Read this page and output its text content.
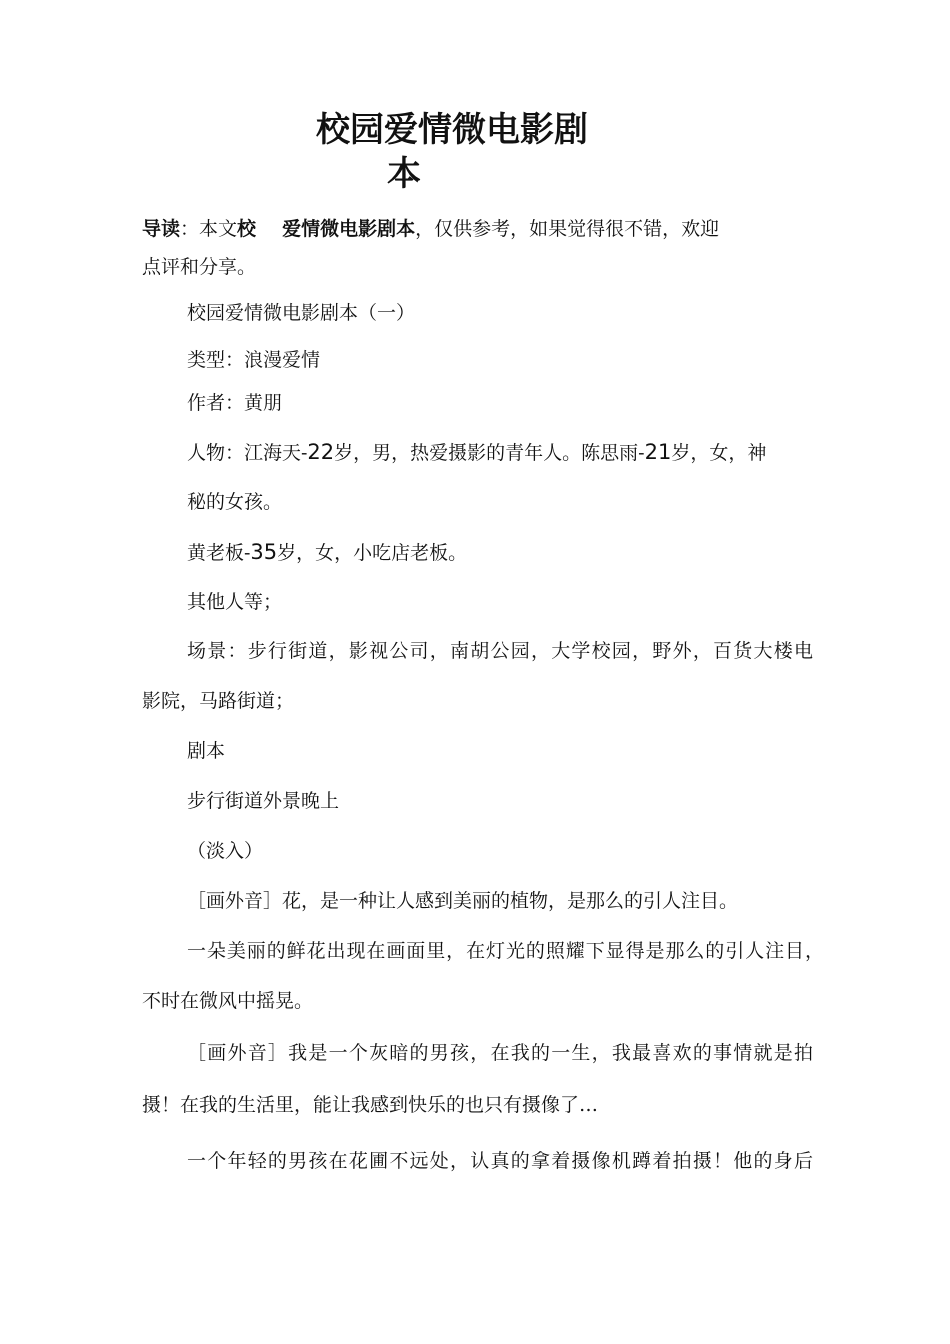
校园爱情微电影剧
本
导读：本文校 爱情微电影剧本，仅供参考，如果觉得很不错，欢迎
点评和分享。
校园爱情微电影剧本（一）
类型：浪漫爱情
作者：黄朋
人物：江海天-22岁，男，热爱摄影的青年人。陈思雨-21岁，女，神
秘的女孩。
黄老板-35岁，女，小吃店老板。
其他人等；
场景：步行街道，影视公司，南胡公园，大学校园，野外，百货大楼电
影院，马路街道；
剧本
步行街道外景晚上
（淡入）
［画外音］花，是一种让人感到美丽的植物，是那么的引人注目。
一朵美丽的鲜花出现在画面里，在灯光的照耀下显得是那么的引人注目，
不时在微风中摇晃。
［画外音］我是一个灰暗的男孩，在我的一生，我最喜欢的事情就是拍
摄！在我的生活里，能让我感到快乐的也只有摄像了…
一个年轻的男孩在花圃不远处，认真的拿着摄像机蹲着拍摄！他的身后
